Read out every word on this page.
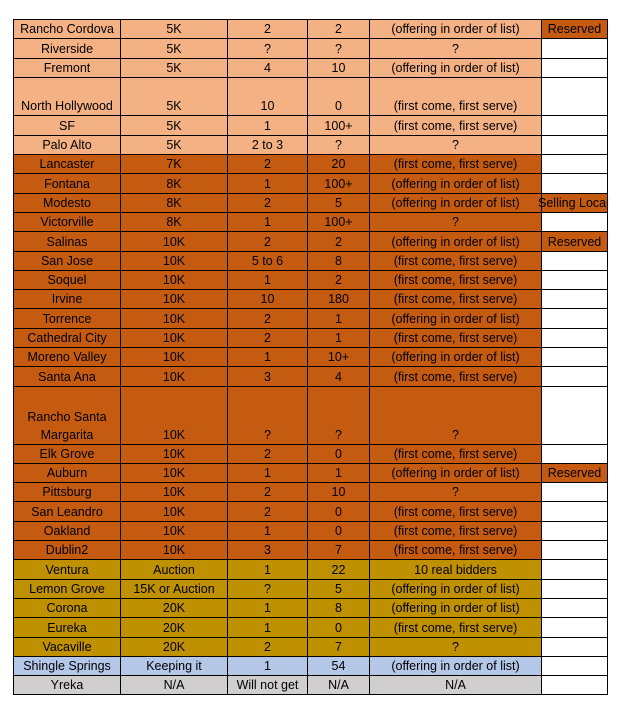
Rancho Cordova	5K	2	2	(offering in order of list)	Reserved
Riverside	5K	?	?	?	
Fremont	5K	4	10	(offering in order of list)	
North Hollywood	5K	10	0	(first come, first serve)	
SF	5K	1	100+	(first come, first serve)	
Palo Alto	5K	2 to 3	?	?	
Lancaster	7K	2	20	(first come, first serve)	
Fontana	8K	1	100+	(offering in order of list)	
Modesto	8K	2	5	(offering in order of list)	Selling Local

Victorville	8K	1	100+	?	
Salinas	10K	2	2	(offering in order of list)	Reserved
San Jose	10K	5 to 6	8	(first come, first serve)	
Soquel	10K	1	2	(first come, first serve)	
Irvine	10K	10	180	(first come, first serve)	
Torrence	10K	2	1	(offering in order of list)	
Cathedral City	10K	2	1	(first come, first serve)	
Moreno Valley	10K	1	10+	(offering in order of list)	
Santa Ana	10K	3	4	(first come, first serve)	
Rancho Santa Margarita	10K	?	?	?	
Elk Grove	10K	2	0	(first come, first serve)	
Auburn	10K	1	1	(offering in order of list)	Reserved
Pittsburg	10K	2	10	?	
San Leandro	10K	2	0	(first come, first serve)	
Oakland	10K	1	0	(first come, first serve)	
Dublin2	10K	3	7	(first come, first serve)	
Ventura	Auction	1	22	10 real bidders	
Lemon Grove	15K or Auction	?	5	(offering in order of list)	
Corona	20K	1	8	(offering in order of list)	
Eureka	20K	1	0	(first come, first serve)	
Vacaville	20K	2	7	?	
Shingle Springs	Keeping it	1	54	(offering in order of list)	
Yreka	N/A	Will not get	N/A	N/A	
